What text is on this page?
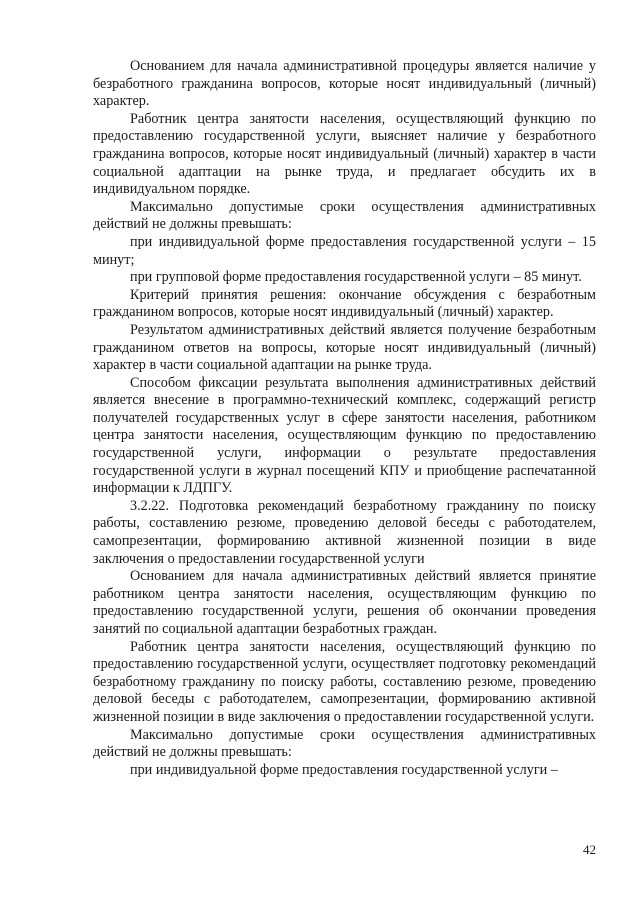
Основанием для начала административной процедуры является наличие у безработного гражданина вопросов, которые носят индивидуальный (личный) характер.

Работник центра занятости населения, осуществляющий функцию по предоставлению государственной услуги, выясняет наличие у безработного гражданина вопросов, которые носят индивидуальный (личный) характер в части социальной адаптации на рынке труда, и предлагает обсудить их в индивидуальном порядке.

Максимально допустимые сроки осуществления административных действий не должны превышать:

при индивидуальной форме предоставления государственной услуги – 15 минут;

при групповой форме предоставления государственной услуги – 85 минут.

Критерий принятия решения: окончание обсуждения с безработным гражданином вопросов, которые носят индивидуальный (личный) характер.

Результатом административных действий является получение безработным гражданином ответов на вопросы, которые носят индивидуальный (личный) характер в части социальной адаптации на рынке труда.

Способом фиксации результата выполнения административных действий является внесение в программно-технический комплекс, содержащий регистр получателей государственных услуг в сфере занятости населения, работником центра занятости населения, осуществляющим функцию по предоставлению государственной услуги, информации о результате предоставления государственной услуги в журнал посещений КПУ и приобщение распечатанной информации к ЛДПГУ.

3.2.22. Подготовка рекомендаций безработному гражданину по поиску работы, составлению резюме, проведению деловой беседы с работодателем, самопрезентации, формированию активной жизненной позиции в виде заключения о предоставлении государственной услуги

Основанием для начала административных действий является принятие работником центра занятости населения, осуществляющим функцию по предоставлению государственной услуги, решения об окончании проведения занятий по социальной адаптации безработных граждан.

Работник центра занятости населения, осуществляющий функцию по предоставлению государственной услуги, осуществляет подготовку рекомендаций безработному гражданину по поиску работы, составлению резюме, проведению деловой беседы с работодателем, самопрезентации, формированию активной жизненной позиции в виде заключения о предоставлении государственной услуги.

Максимально допустимые сроки осуществления административных действий не должны превышать:

при индивидуальной форме предоставления государственной услуги –

42
